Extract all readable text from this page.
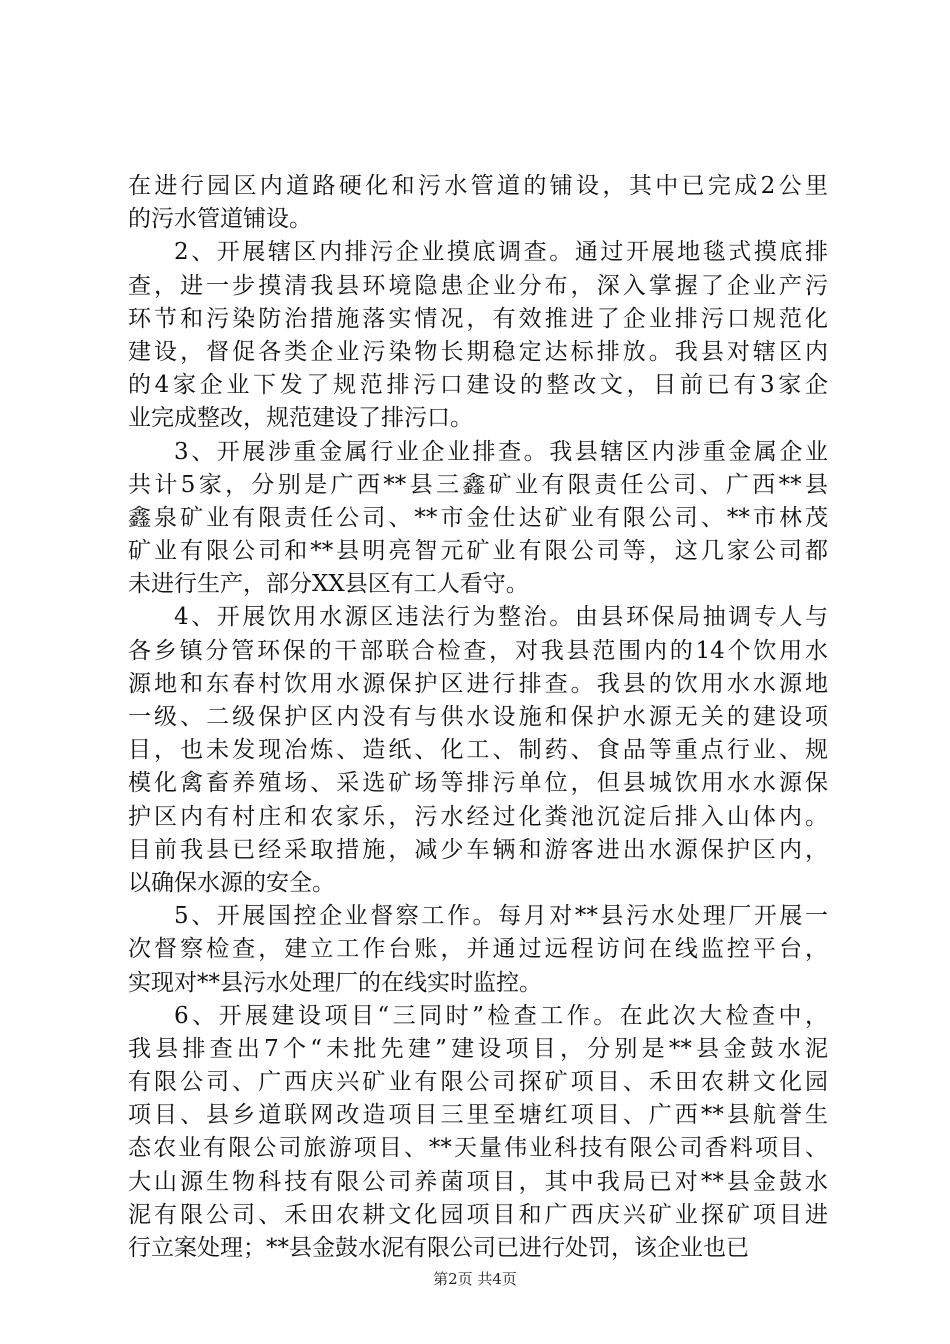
在进行园区内道路硬化和污水管道的铺设，其中已完成2公里
的污水管道铺设。
2、开展辖区内排污企业摸底调查。通过开展地毯式摸底排
查，进一步摸清我县环境隐患企业分布，深入掌握了企业产污
环节和污染防治措施落实情况，有效推进了企业排污口规范化
建设，督促各类企业污染物长期稳定达标排放。我县对辖区内
的4家企业下发了规范排污口建设的整改文，目前已有3家企
业完成整改，规范建设了排污口。
3、开展涉重金属行业企业排查。我县辖区内涉重金属企业
共计5家，分别是广西**县三鑫矿业有限责任公司、广西**县
鑫泉矿业有限责任公司、**市金仕达矿业有限公司、**市林茂
矿业有限公司和**县明亮智元矿业有限公司等，这几家公司都
未进行生产，部分XX县区有工人看守。
4、开展饮用水源区违法行为整治。由县环保局抽调专人与
各乡镇分管环保的干部联合检查，对我县范围内的14个饮用水
源地和东春村饮用水源保护区进行排查。我县的饮用水水源地
一级、二级保护区内没有与供水设施和保护水源无关的建设项
目，也未发现冶炼、造纸、化工、制药、食品等重点行业、规
模化禽畜养殖场、采选矿场等排污单位，但县城饮用水水源保
护区内有村庄和农家乐，污水经过化粪池沉淀后排入山体内。
目前我县已经采取措施，减少车辆和游客进出水源保护区内，
以确保水源的安全。
5、开展国控企业督察工作。每月对**县污水处理厂开展一
次督察检查，建立工作台账，并通过远程访问在线监控平台，
实现对**县污水处理厂的在线实时监控。
6、开展建设项目“三同时”检查工作。在此次大检查中，
我县排查出7个“未批先建”建设项目，分别是**县金鼓水泥
有限公司、广西庆兴矿业有限公司探矿项目、禾田农耕文化园
项目、县乡道联网改造项目三里至塘红项目、广西**县航誉生
态农业有限公司旅游项目、**天量伟业科技有限公司香料项目、
大山源生物科技有限公司养菌项目，其中我局已对**县金鼓水
泥有限公司、禾田农耕文化园项目和广西庆兴矿业探矿项目进
行立案处理；**县金鼓水泥有限公司已进行处罚，该企业也已
第2页 共4页
